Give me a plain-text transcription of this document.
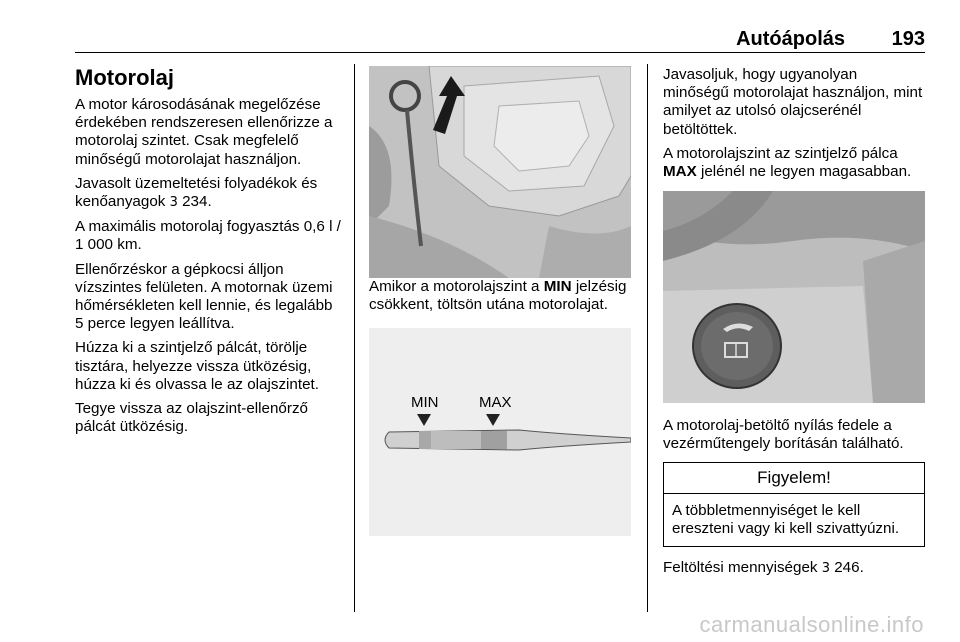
Autóápolás 193
Motorolaj

A motor károsodásának megelőzése érdekében rendszeresen ellenőrizze a motorolaj szintet. Csak megfelelő minőségű motorolajat használjon.

Javasolt üzemeltetési folyadékok és kenőanyagok 3 234.

A maximális motorolaj fogyasztás 0,6 l / 1 000 km.

Ellenőrzéskor a gépkocsi álljon vízszintes felületen. A motornak üzemi hőmérsékleten kell lennie, és legalább 5 perce legyen leállítva.

Húzza ki a szintjelző pálcát, törölje tisztára, helyezze vissza ütközésig, húzza ki és olvassa le az olajszintet.

Tegye vissza az olajszint-ellenőrző pálcát ütközésig.

Amikor a motorolajszint a MIN jelzésig csökkent, töltsön utána motorolajat.

MIN	MAX

Javasoljuk, hogy ugyanolyan minőségű motorolajat használjon, mint amilyet az utolsó olajcserénél betöltöttek.

A motorolajszint az szintjelző pálca MAX jelénél ne legyen magasabban.

A motorolaj-betöltő nyílás fedele a vezérműtengely borításán található.

Figyelem!
A többletmennyiséget le kell ereszteni vagy ki kell szivattyúzni.

Feltöltési mennyiségek 3 246.

carmanualsonline.info
